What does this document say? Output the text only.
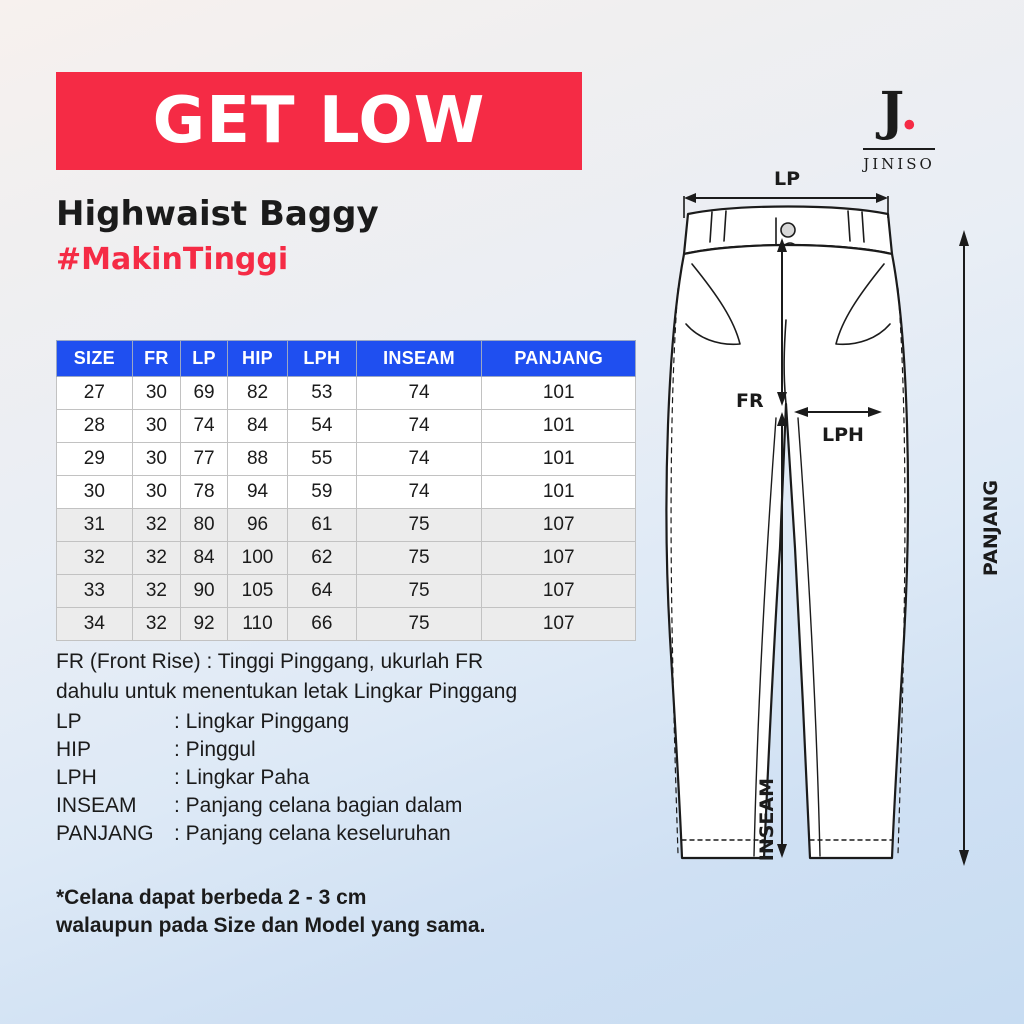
GET LOW
Highwaist Baggy
#MakinTinggi
J.
JINISO
SIZE	FR	LP	HIP	LPH	INSEAM	PANJANG
27	30	69	82	53	74	101
28	30	74	84	54	74	101
29	30	77	88	55	74	101
30	30	78	94	59	74	101
31	32	80	96	61	75	107
32	32	84	100	62	75	107
33	32	90	105	64	75	107
34	32	92	110	66	75	107
FR (Front Rise) : Tinggi Pinggang, ukurlah FR
dahulu untuk menentukan letak Lingkar Pinggang
LP	: Lingkar Pinggang
HIP	: Pinggul
LPH	: Lingkar Paha
INSEAM	: Panjang celana bagian dalam
PANJANG : Panjang celana keseluruhan
*Celana dapat berbeda 2 - 3 cm
walaupun pada Size dan Model yang sama.
LP
FR
LPH
INSEAM
PANJANG
